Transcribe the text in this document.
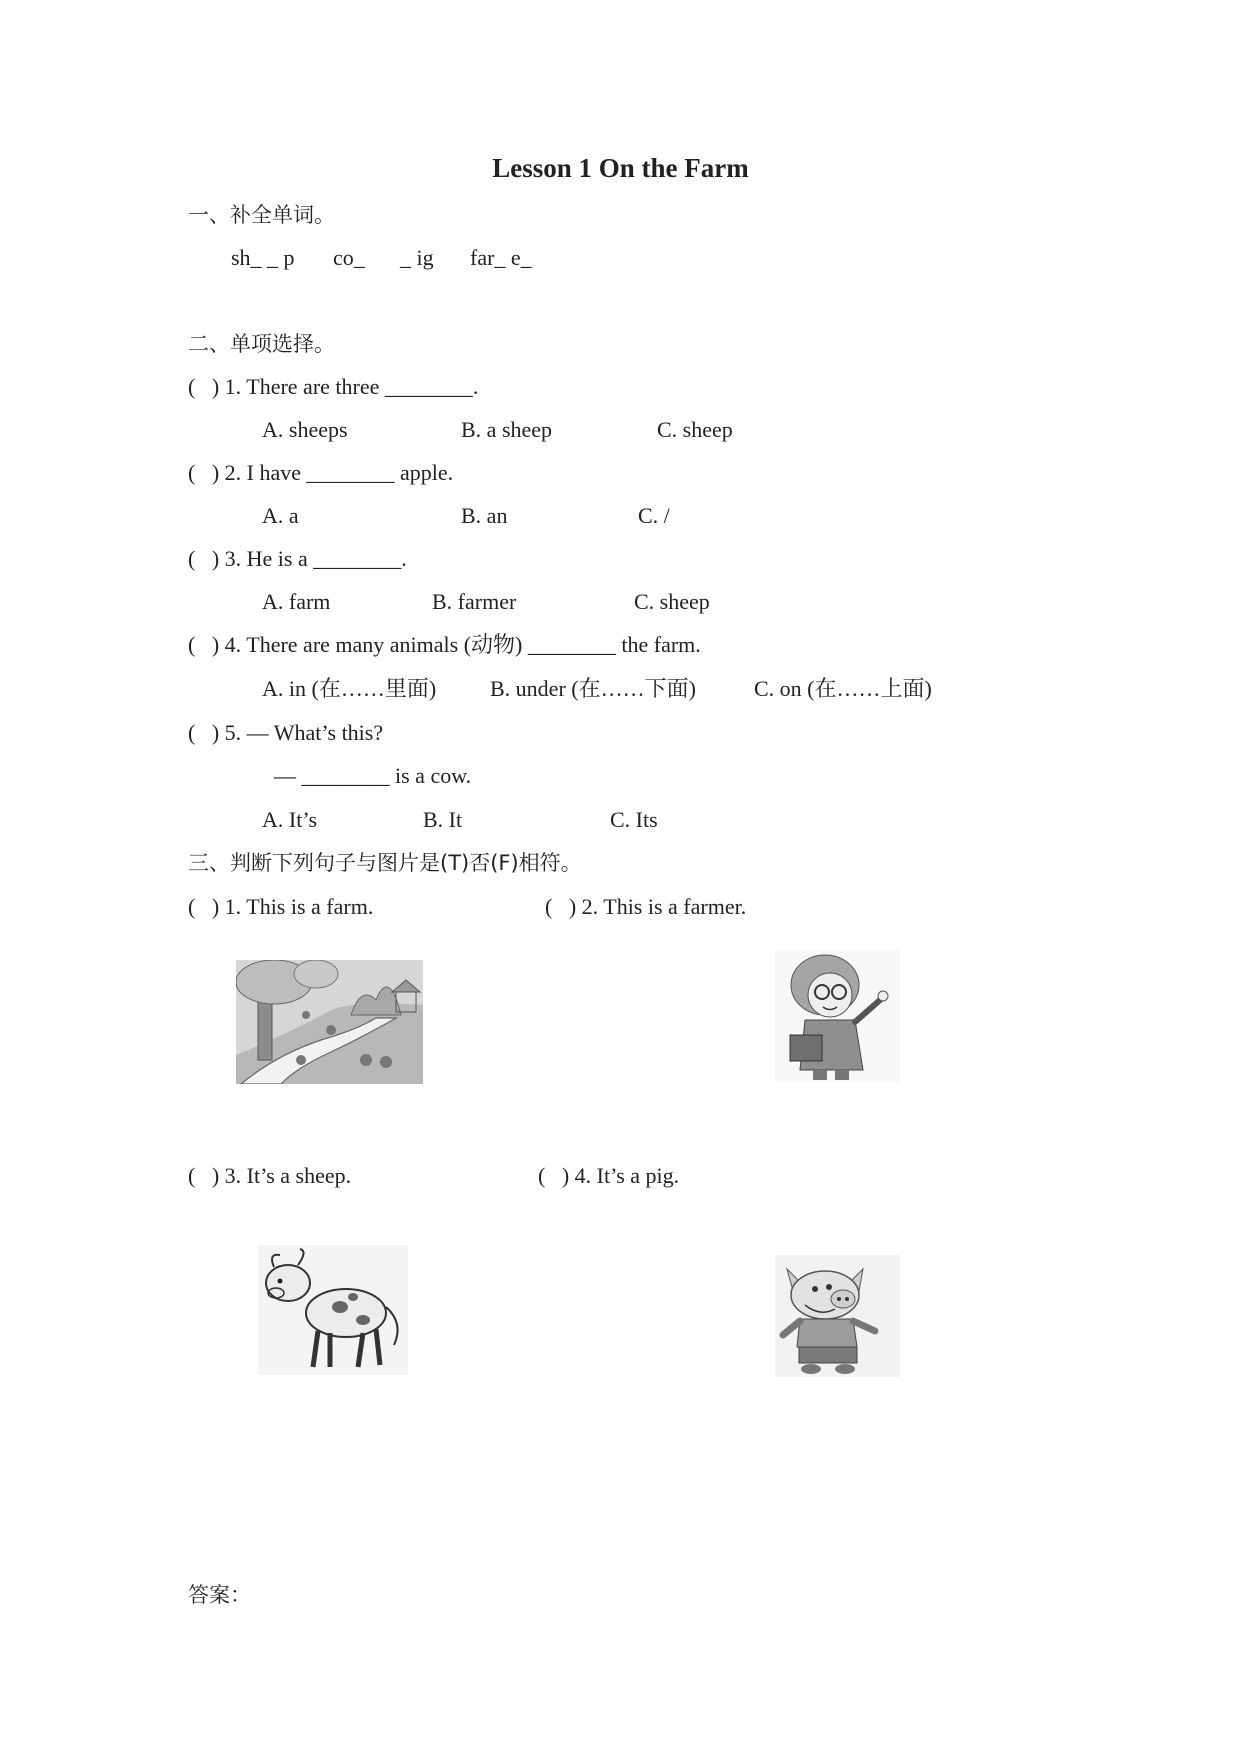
Lesson 1 On the Farm
一、补全单词。
sh_ _ p co_ _ ig far_ e_
二、单项选择。
(   ) 1. There are three ________.
A. sheeps	B. a sheep	C. sheep
(   ) 2. I have ________ apple.
A. a	B. an	C. /
(   ) 3. He is a ________.
A. farm	B. farmer	C. sheep
(   ) 4. There are many animals (动物) ________ the farm.
A. in (在……里面) B. under (在……下面)	C. on (在……上面)
(   ) 5. — What’s this?
— ________ is a cow.
A. It’s	B. It	C. Its
三、判断下列句子与图片是(T)否(F)相符。
(   ) 1. This is a farm.	(   ) 2. This is a farmer.
(   ) 3. It’s a sheep.	(   ) 4. It’s a pig.
答案：
